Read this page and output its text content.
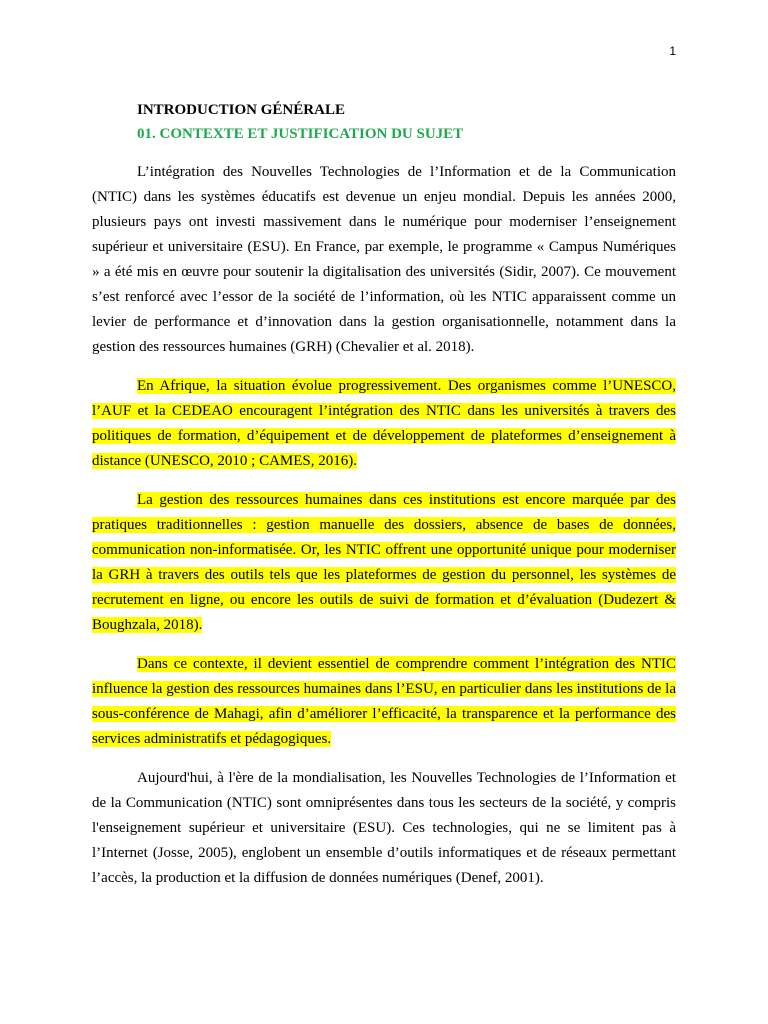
1
INTRODUCTION GÉNÉRALE
01. CONTEXTE ET JUSTIFICATION DU SUJET

L’intégration des Nouvelles Technologies de l’Information et de la Communication (NTIC) dans les systèmes éducatifs est devenue un enjeu mondial. Depuis les années 2000, plusieurs pays ont investi massivement dans le numérique pour moderniser l’enseignement supérieur et universitaire (ESU). En France, par exemple, le programme « Campus Numériques » a été mis en œuvre pour soutenir la digitalisation des universités (Sidir, 2007). Ce mouvement s’est renforcé avec l’essor de la société de l’information, où les NTIC apparaissent comme un levier de performance et d’innovation dans la gestion organisationnelle, notamment dans la gestion des ressources humaines (GRH) (Chevalier et al. 2018).

En Afrique, la situation évolue progressivement. Des organismes comme l’UNESCO, l’AUF et la CEDEAO encouragent l’intégration des NTIC dans les universités à travers des politiques de formation, d’équipement et de développement de plateformes d’enseignement à distance (UNESCO, 2010 ; CAMES, 2016).

La gestion des ressources humaines dans ces institutions est encore marquée par des pratiques traditionnelles : gestion manuelle des dossiers, absence de bases de données, communication non-informatisée. Or, les NTIC offrent une opportunité unique pour moderniser la GRH à travers des outils tels que les plateformes de gestion du personnel, les systèmes de recrutement en ligne, ou encore les outils de suivi de formation et d’évaluation (Dudezert & Boughzala, 2018).

Dans ce contexte, il devient essentiel de comprendre comment l’intégration des NTIC influence la gestion des ressources humaines dans l’ESU, en particulier dans les institutions de la sous-conférence de Mahagi, afin d’améliorer l’efficacité, la transparence et la performance des services administratifs et pédagogiques.

Aujourd'hui, à l'ère de la mondialisation, les Nouvelles Technologies de l’Information et de la Communication (NTIC) sont omniprésentes dans tous les secteurs de la société, y compris l'enseignement supérieur et universitaire (ESU). Ces technologies, qui ne se limitent pas à l’Internet (Josse, 2005), englobent un ensemble d’outils informatiques et de réseaux permettant l’accès, la production et la diffusion de données numériques (Denef, 2001).
